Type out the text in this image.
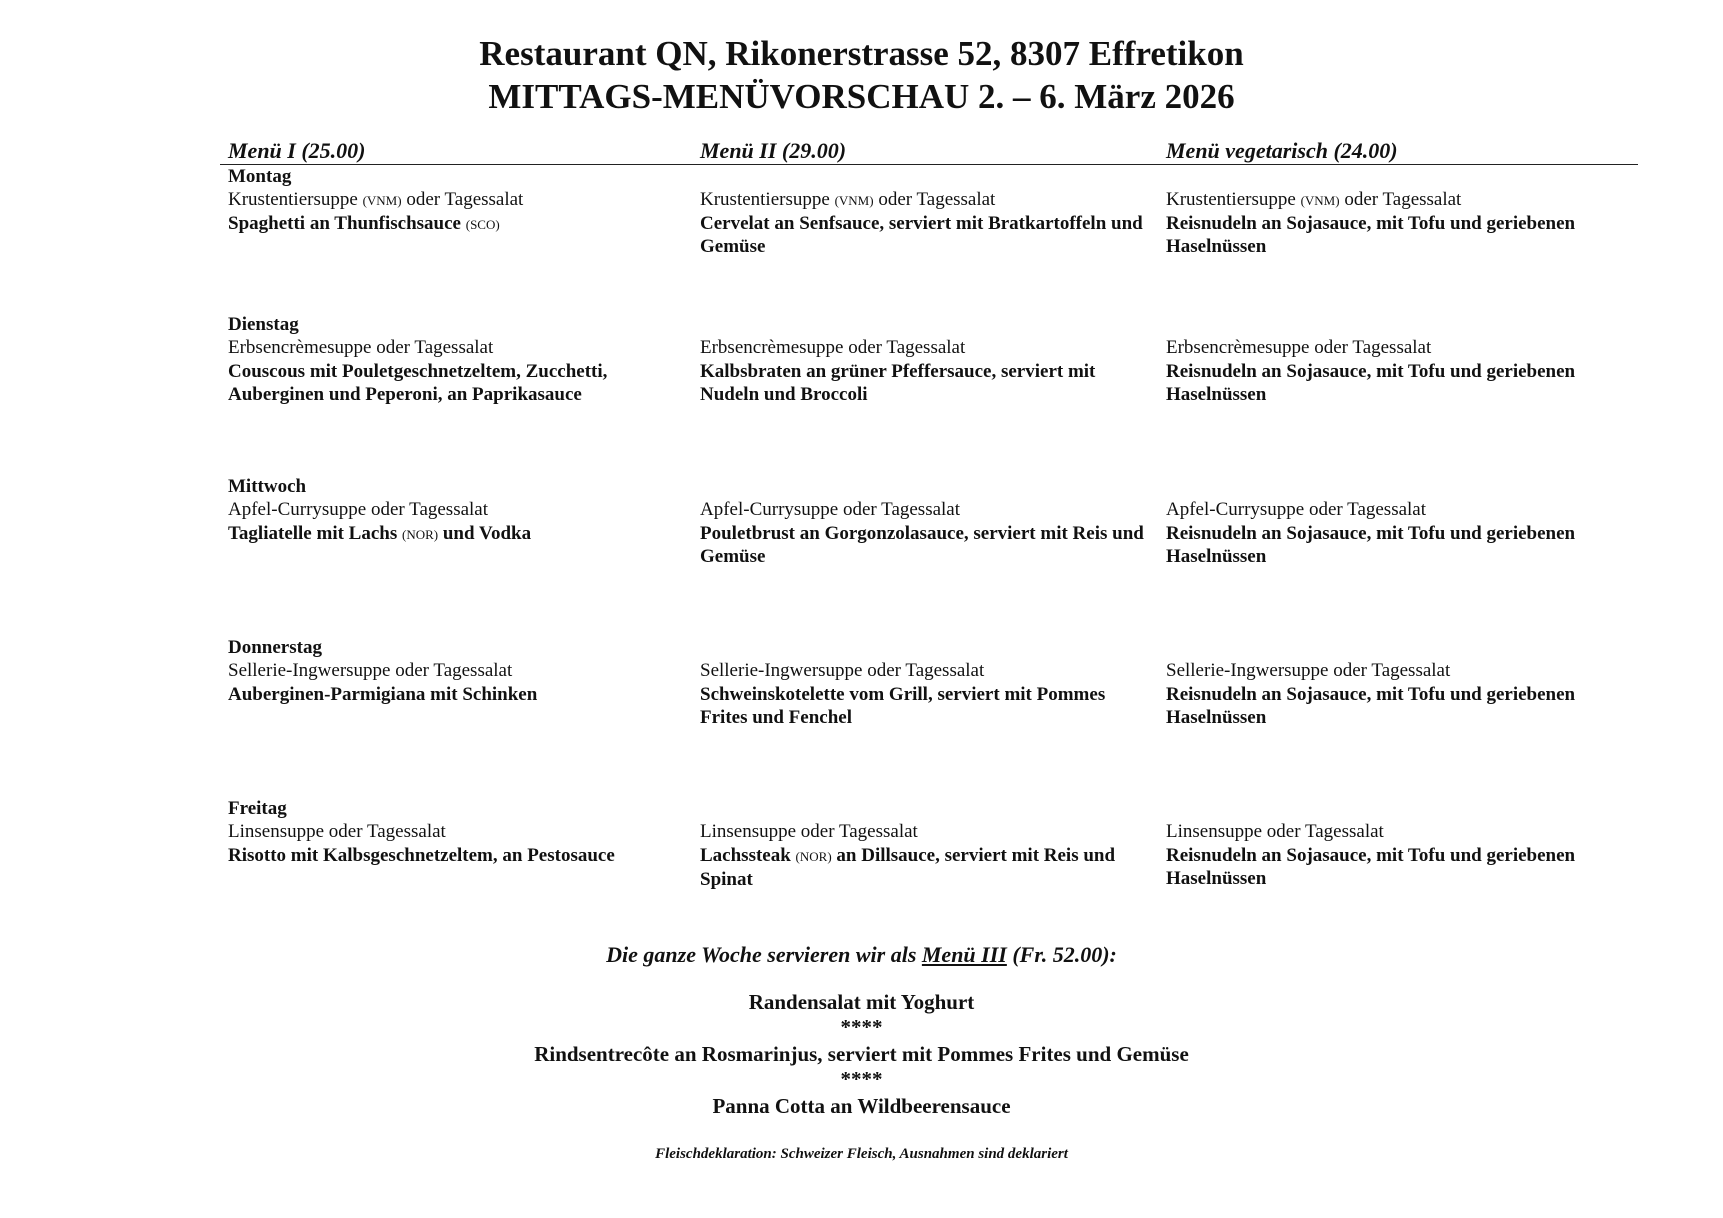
Restaurant QN, Rikonerstrasse 52, 8307 Effretikon
MITTAGS-MENÜVORSCHAU 2. – 6. März 2026
Menü I (25.00)	Menü II (29.00)	Menü vegetarisch (24.00)
Montag
Krustentiersuppe (VNM) oder Tagessalat
Spaghetti an Thunfischsauce (SCO)
Krustentiersuppe (VNM) oder Tagessalat
Cervelat an Senfsauce, serviert mit Bratkartoffeln und Gemüse
Krustentiersuppe (VNM) oder Tagessalat
Reisnudeln an Sojasauce, mit Tofu und geriebenen Haselnüssen
Dienstag
Erbsencrèmesuppe oder Tagessalat
Couscous mit Pouletgeschnetzeltem, Zucchetti, Auberginen und Peperoni, an Paprikasauce
Erbsencrèmesuppe oder Tagessalat
Kalbsbraten an grüner Pfeffersauce, serviert mit Nudeln und Broccoli
Erbsencrèmesuppe oder Tagessalat
Reisnudeln an Sojasauce, mit Tofu und geriebenen Haselnüssen
Mittwoch
Apfel-Currysuppe oder Tagessalat
Tagliatelle mit Lachs (NOR) und Vodka
Apfel-Currysuppe oder Tagessalat
Pouletbrust an Gorgonzolasauce, serviert mit Reis und Gemüse
Apfel-Currysuppe oder Tagessalat
Reisnudeln an Sojasauce, mit Tofu und geriebenen Haselnüssen
Donnerstag
Sellerie-Ingwersuppe oder Tagessalat
Auberginen-Parmigiana mit Schinken
Sellerie-Ingwersuppe oder Tagessalat
Schweinskotelette vom Grill, serviert mit Pommes Frites und Fenchel
Sellerie-Ingwersuppe oder Tagessalat
Reisnudeln an Sojasauce, mit Tofu und geriebenen Haselnüssen
Freitag
Linsensuppe oder Tagessalat
Risotto mit Kalbsgeschnetzeltem, an Pestosauce
Linsensuppe oder Tagessalat
Lachssteak (NOR) an Dillsauce, serviert mit Reis und Spinat
Linsensuppe oder Tagessalat
Reisnudeln an Sojasauce, mit Tofu und geriebenen Haselnüssen
Die ganze Woche servieren wir als Menü III (Fr. 52.00):
Randensalat mit Yoghurt
****
Rindsentrecôte an Rosmarinjus, serviert mit Pommes Frites und Gemüse
****
Panna Cotta an Wildbeerensauce
Fleischdeklaration: Schweizer Fleisch, Ausnahmen sind deklariert
